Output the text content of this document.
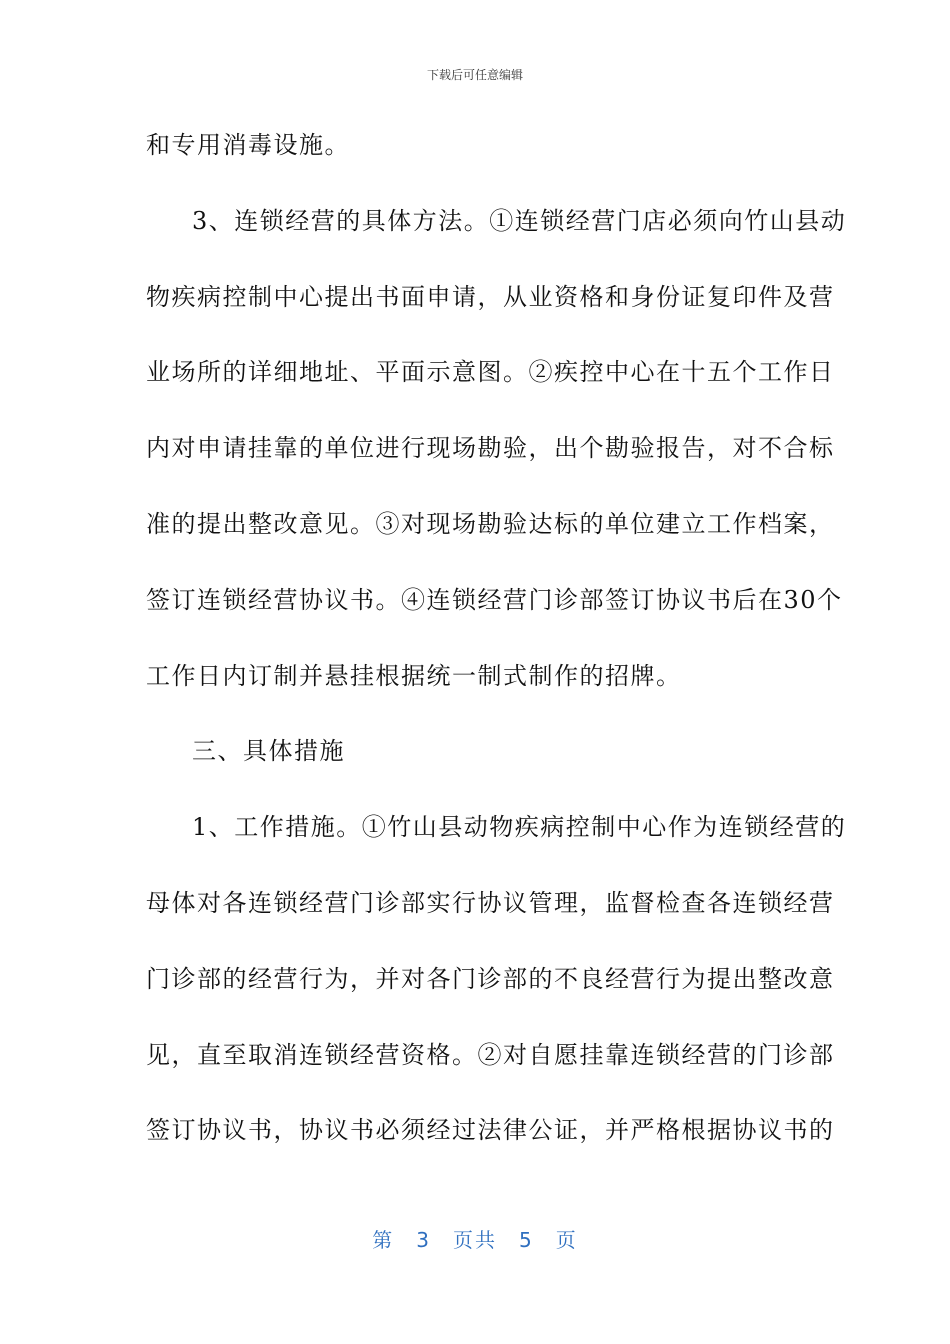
下载后可任意编辑
和专用消毒设施。
3、连锁经营的具体方法。①连锁经营门店必须向竹山县动
物疾病控制中心提出书面申请，从业资格和身份证复印件及营
业场所的详细地址、平面示意图。②疾控中心在十五个工作日
内对申请挂靠的单位进行现场勘验，出个勘验报告，对不合标
准的提出整改意见。③对现场勘验达标的单位建立工作档案，
签订连锁经营协议书。④连锁经营门诊部签订协议书后在30个
工作日内订制并悬挂根据统一制式制作的招牌。
三、具体措施
1、工作措施。①竹山县动物疾病控制中心作为连锁经营的
母体对各连锁经营门诊部实行协议管理，监督检查各连锁经营
门诊部的经营行为，并对各门诊部的不良经营行为提出整改意
见，直至取消连锁经营资格。②对自愿挂靠连锁经营的门诊部
签订协议书，协议书必须经过法律公证，并严格根据协议书的
第 3 页共 5 页
